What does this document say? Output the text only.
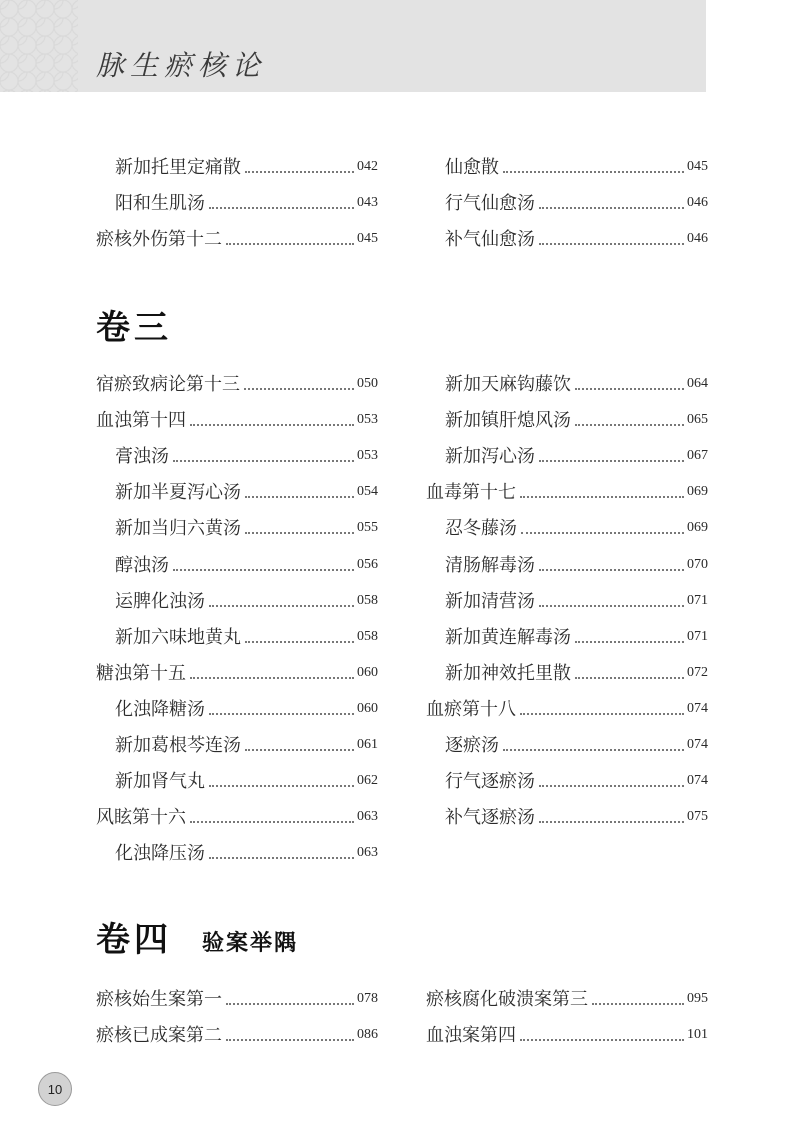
脉生瘀核论
新加托里定痛散	042
阳和生肌汤	043
瘀核外伤第十二	045
仙愈散	045
行气仙愈汤	046
补气仙愈汤	046
卷三
宿瘀致病论第十三	050
血浊第十四	053
膏浊汤	053
新加半夏泻心汤	054
新加当归六黄汤	055
醇浊汤	056
运脾化浊汤	058
新加六味地黄丸	058
糖浊第十五	060
化浊降糖汤	060
新加葛根芩连汤	061
新加肾气丸	062
风眩第十六	063
化浊降压汤	063
新加天麻钩藤饮	064
新加镇肝熄风汤	065
新加泻心汤	067
血毒第十七	069
忍冬藤汤	069
清肠解毒汤	070
新加清营汤	071
新加黄连解毒汤	071
新加神效托里散	072
血瘀第十八	074
逐瘀汤	074
行气逐瘀汤	074
补气逐瘀汤	075
卷四 验案举隅
瘀核始生案第一	078
瘀核已成案第二	086
瘀核腐化破溃案第三	095
血浊案第四	101
10
